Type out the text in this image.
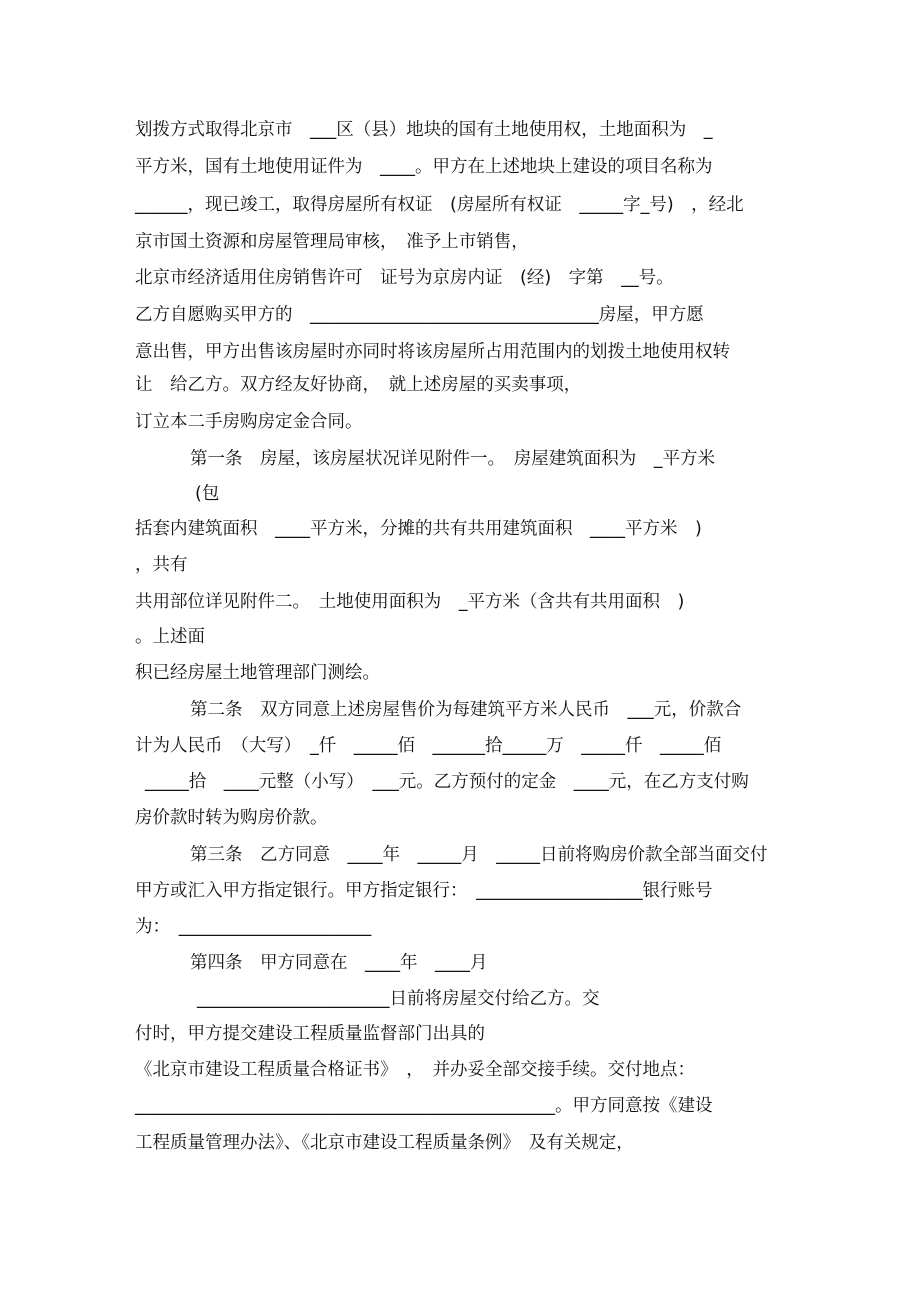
划拨方式取得北京市　___区（县）地块的国有土地使用权，土地面积为　_
平方米，国有土地使用证件为　____。甲方在上述地块上建设的项目名称为
______，现已竣工，取得房屋所有权证　(房屋所有权证　_____字_号)　，经北
京市国土资源和房屋管理局审核，　准予上市销售，
北京市经济适用住房销售许可　证号为京房内证　(经)　字第　__号。
乙方自愿购买甲方的　_________________________________房屋，甲方愿
意出售，甲方出售该房屋时亦同时将该房屋所占用范围内的划拨土地使用权转
让　给乙方。双方经友好协商，　就上述房屋的买卖事项，
订立本二手房购房定金合同。
第一条　房屋，该房屋状况详见附件一。　房屋建筑面积为　_平方米
(包
括套内建筑面积　____平方米，分摊的共有共用建筑面积　____平方米　)
，共有
共用部位详见附件二。　土地使用面积为　_平方米（含共有共用面积　)
。上述面
积已经房屋土地管理部门测绘。
第二条　双方同意上述房屋售价为每建筑平方米人民币　___元，价款合
计为人民币　（大写）　_仟　_____佰　______拾_____万　_____仟　_____佰
_____拾　____元整（小写）　___元。乙方预付的定金　____元，在乙方支付购
房价款时转为购房价款。
第三条　乙方同意　____年　_____月　_____日前将购房价款全部当面交付
甲方或汇入甲方指定银行。甲方指定银行：　___________________银行账号
为：　______________________
第四条　甲方同意在　____年　____月
______________________日前将房屋交付给乙方。交
付时，甲方提交建设工程质量监督部门出具的
《北京市建设工程质量合格证书》　，　并办妥全部交接手续。交付地点：
________________________________________________。甲方同意按《建设
工程质量管理办法》、《北京市建设工程质量条例》　及有关规定，
